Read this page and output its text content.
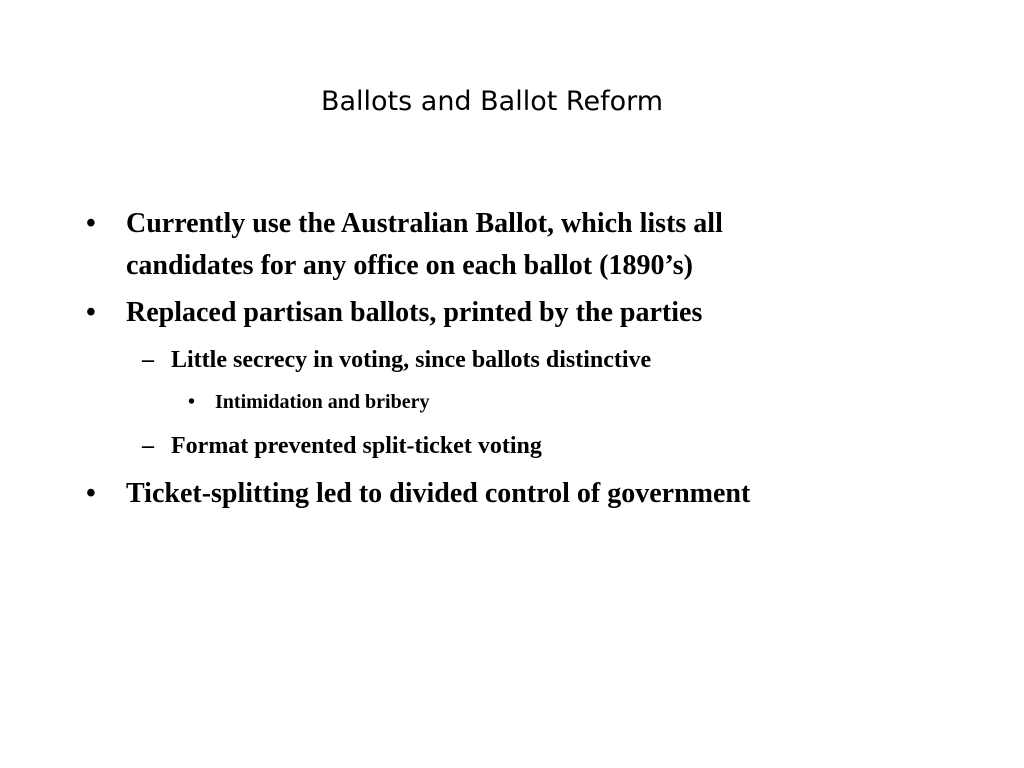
Ballots and Ballot Reform
•	Currently use the Australian Ballot, which lists all candidates for any office on each ballot (1890’s)
•	Replaced partisan ballots, printed by the parties
– Little secrecy in voting, since ballots distinctive
• Intimidation and bribery
– Format prevented split-ticket voting
•	Ticket-splitting led to divided control of government
